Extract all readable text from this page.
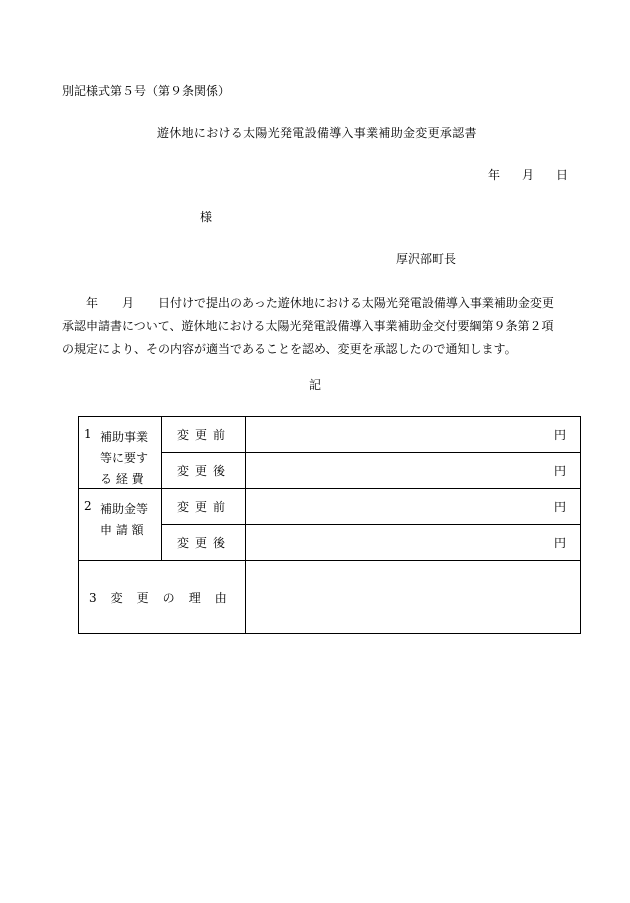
別記様式第５号（第９条関係）
遊休地における太陽光発電設備導入事業補助金変更承認書
年 月 日
様
厚沢部町長

年　　月　　日付けで提出のあった遊休地における太陽光発電設備導入事業補助金変更

承認申請書について、遊休地における太陽光発電設備導入事業補助金交付要綱第９条第２項

の規定により、その内容が適当であることを認め、変更を承認したので通知します。

記
1 補助事業
等に要す
る 経 費	変更前	円
	変更後	円

2 補助金等
申 請 額	変更前	円
	変更後	円
3 変 更 の 理 由		
